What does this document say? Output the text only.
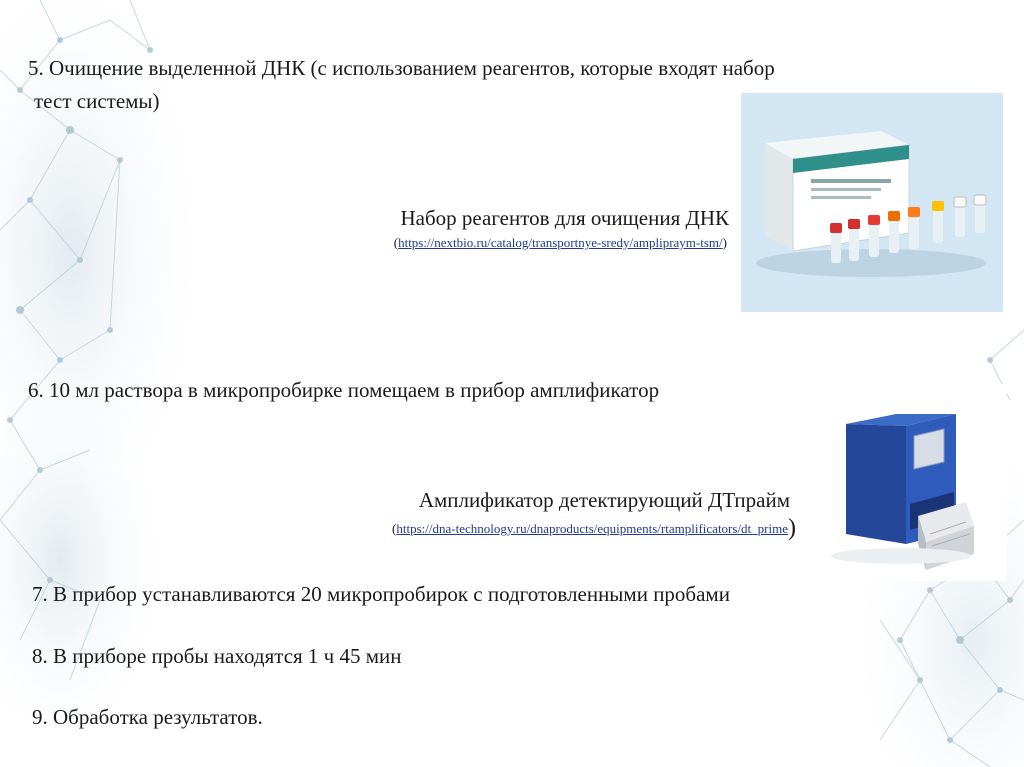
5. Очищение выделенной ДНК (с использованием реагентов, которые входят набор

тест системы)

Набор реагентов для очищения ДНК
(https://nextbio.ru/catalog/transportnye-sredy/amplipraym-tsm/)

6. 10 мл раствора в микропробирке помещаем в прибор амплификатор

Амплификатор детектирующий ДТпрайм
(https://dna-technology.ru/dnaproducts/equipments/rtamplificators/dt_prime)

7. В прибор устанавливаются 20 микропробирок с подготовленными пробами

8. В приборе пробы находятся 1 ч 45 мин

9. Обработка результатов.
